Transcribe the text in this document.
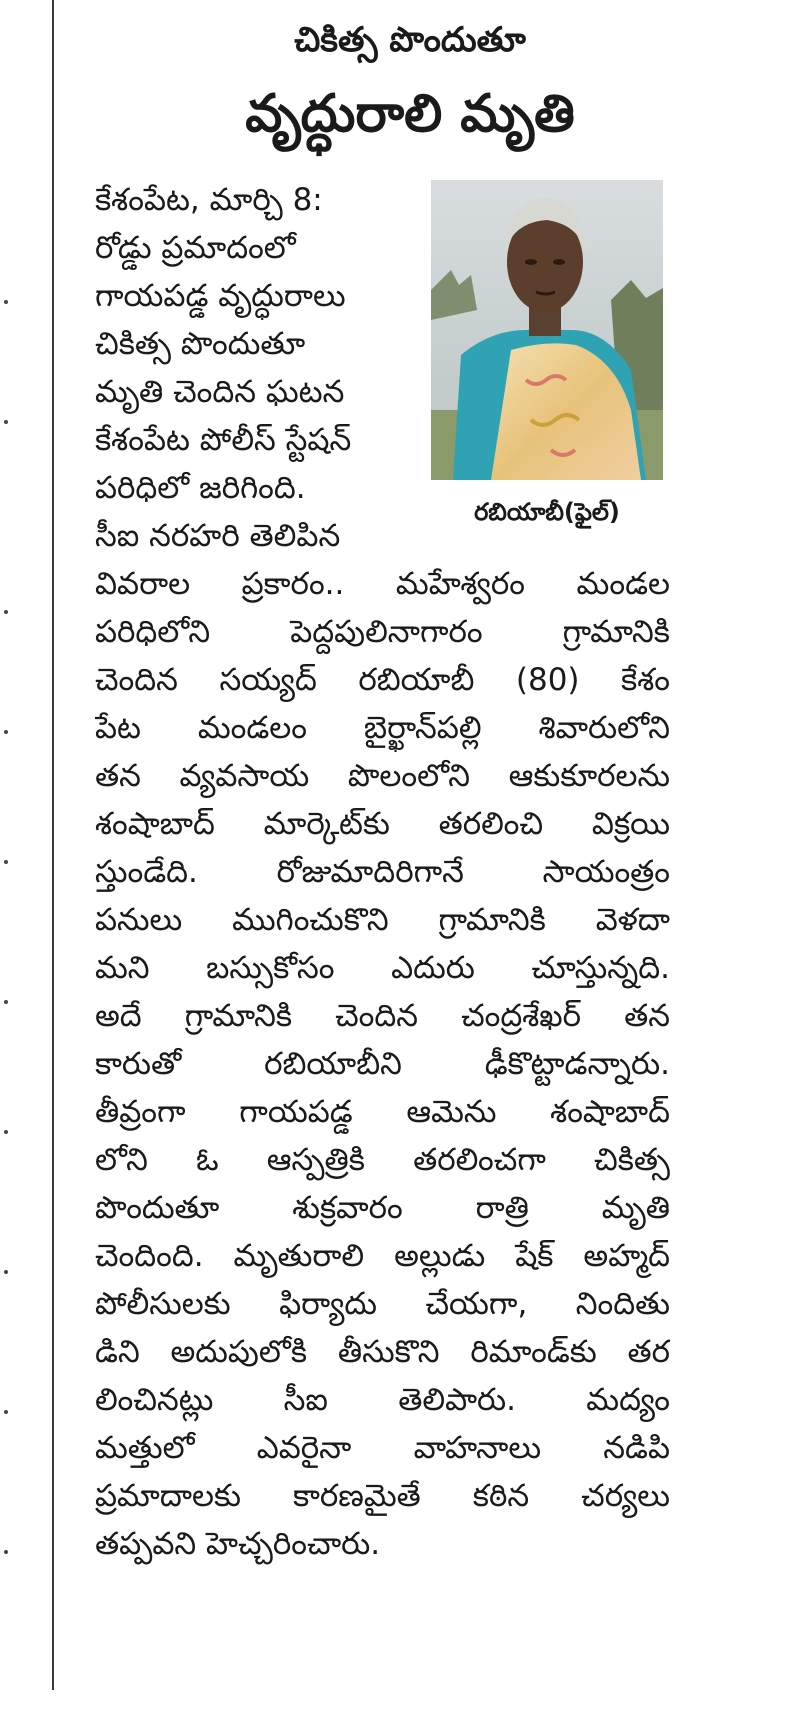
చికిత్స పొందుతూ
వృద్ధురాలి మృతి
రబియాబీ(ఫైల్)
కేశంపేట, మార్చి 8:
రోడ్డు ప్రమాదంలో
గాయపడ్డ వృద్ధురాలు
చికిత్స పొందుతూ
మృతి చెందిన ఘటన
కేశంపేట పోలీస్ స్టేషన్
పరిధిలో జరిగింది.
సీఐ నరహరి తెలిపిన
వివరాల ప్రకారం.. మహేశ్వరం మండల
పరిధిలోని పెద్దపులినాగారం గ్రామానికి
చెందిన సయ్యద్ రబియాబీ (80) కేశం
పేట మండలం బైర్ఖాన్‌పల్లి శివారులోని
తన వ్యవసాయ పొలంలోని ఆకుకూరలను
శంషాబాద్ మార్కెట్‌కు తరలించి విక్రయి
స్తుండేది. రోజుమాదిరిగానే సాయంత్రం
పనులు ముగించుకొని గ్రామానికి వెళదా
మని బస్సుకోసం ఎదురు చూస్తున్నది.
అదే గ్రామానికి చెందిన చంద్రశేఖర్ తన
కారుతో రబియాబీని ఢీకొట్టాడన్నారు.
తీవ్రంగా గాయపడ్డ ఆమెను శంషాబాద్
లోని ఓ ఆస్పత్రికి తరలించగా చికిత్స
పొందుతూ శుక్రవారం రాత్రి మృతి
చెందింది. మృతురాలి అల్లుడు షేక్ అహ్మద్
పోలీసులకు ఫిర్యాదు చేయగా, నిందితు
డిని అదుపులోకి తీసుకొని రిమాండ్‌కు తర
లించినట్లు సీఐ తెలిపారు. మద్యం
మత్తులో ఎవరైనా వాహనాలు నడిపి
ప్రమాదాలకు కారణమైతే కఠిన చర్యలు
తప్పవని హెచ్చరించారు.
